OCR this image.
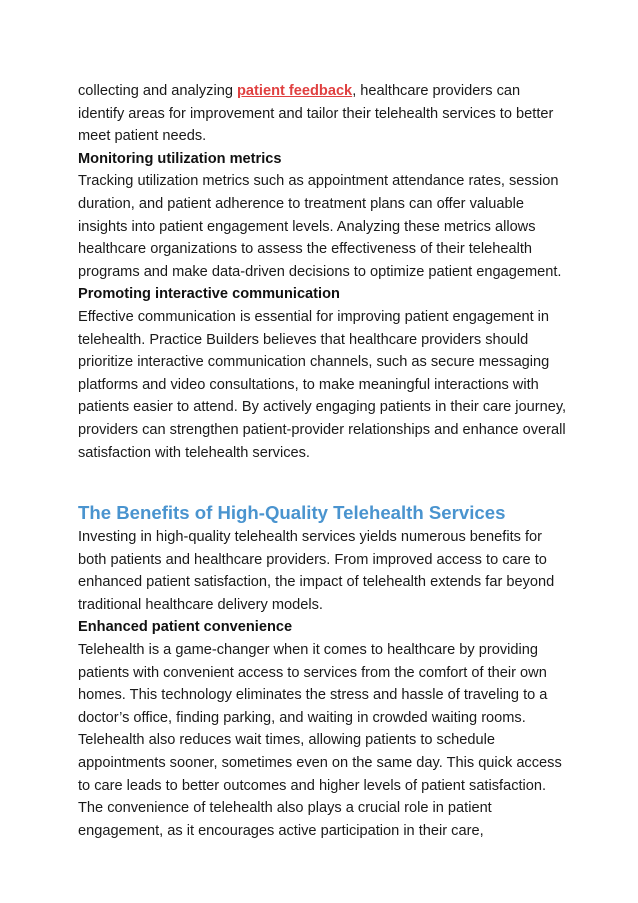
collecting and analyzing patient feedback, healthcare providers can identify areas for improvement and tailor their telehealth services to better meet patient needs.

Monitoring utilization metrics

Tracking utilization metrics such as appointment attendance rates, session duration, and patient adherence to treatment plans can offer valuable insights into patient engagement levels. Analyzing these metrics allows healthcare organizations to assess the effectiveness of their telehealth programs and make data-driven decisions to optimize patient engagement.

Promoting interactive communication

Effective communication is essential for improving patient engagement in telehealth. Practice Builders believes that healthcare providers should prioritize interactive communication channels, such as secure messaging platforms and video consultations, to make meaningful interactions with patients easier to attend. By actively engaging patients in their care journey, providers can strengthen patient-provider relationships and enhance overall satisfaction with telehealth services.

The Benefits of High-Quality Telehealth Services

Investing in high-quality telehealth services yields numerous benefits for both patients and healthcare providers. From improved access to care to enhanced patient satisfaction, the impact of telehealth extends far beyond traditional healthcare delivery models.

Enhanced patient convenience

Telehealth is a game-changer when it comes to healthcare by providing patients with convenient access to services from the comfort of their own homes. This technology eliminates the stress and hassle of traveling to a doctor’s office, finding parking, and waiting in crowded waiting rooms. Telehealth also reduces wait times, allowing patients to schedule appointments sooner, sometimes even on the same day. This quick access to care leads to better outcomes and higher levels of patient satisfaction. The convenience of telehealth also plays a crucial role in patient engagement, as it encourages active participation in their care,
